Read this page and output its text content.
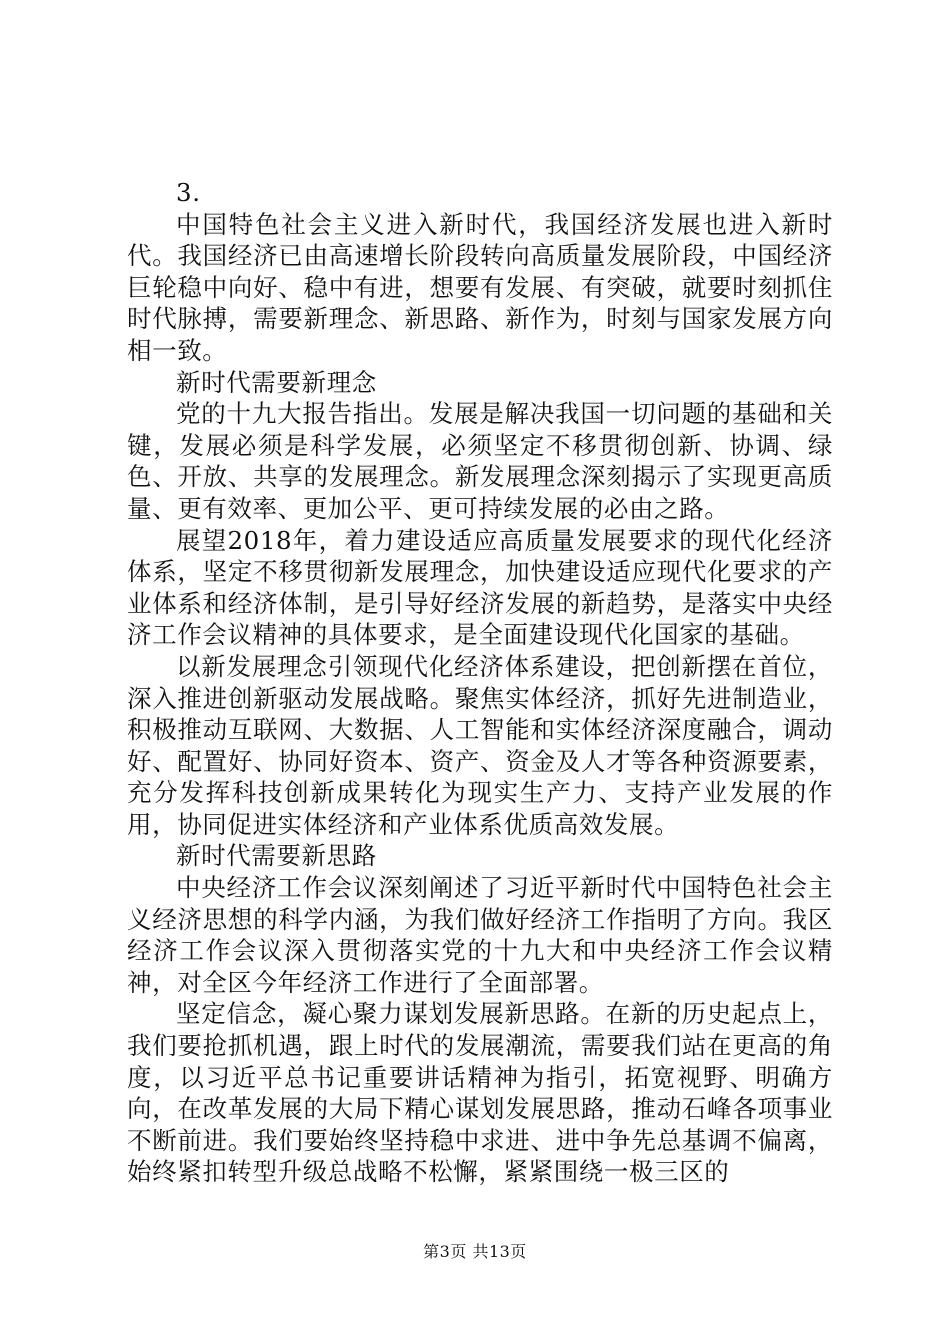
3.

中国特色社会主义进入新时代，我国经济发展也进入新时代。我国经济已由高速增长阶段转向高质量发展阶段，中国经济巨轮稳中向好、稳中有进，想要有发展、有突破，就要时刻抓住时代脉搏，需要新理念、新思路、新作为，时刻与国家发展方向相一致。

新时代需要新理念

党的十九大报告指出。发展是解决我国一切问题的基础和关键，发展必须是科学发展，必须坚定不移贯彻创新、协调、绿色、开放、共享的发展理念。新发展理念深刻揭示了实现更高质量、更有效率、更加公平、更可持续发展的必由之路。

展望2018年，着力建设适应高质量发展要求的现代化经济体系，坚定不移贯彻新发展理念，加快建设适应现代化要求的产业体系和经济体制，是引导好经济发展的新趋势，是落实中央经济工作会议精神的具体要求，是全面建设现代化国家的基础。

以新发展理念引领现代化经济体系建设，把创新摆在首位，深入推进创新驱动发展战略。聚焦实体经济，抓好先进制造业，积极推动互联网、大数据、人工智能和实体经济深度融合，调动好、配置好、协同好资本、资产、资金及人才等各种资源要素，充分发挥科技创新成果转化为现实生产力、支持产业发展的作用，协同促进实体经济和产业体系优质高效发展。

新时代需要新思路

中央经济工作会议深刻阐述了习近平新时代中国特色社会主义经济思想的科学内涵，为我们做好经济工作指明了方向。我区经济工作会议深入贯彻落实党的十九大和中央经济工作会议精神，对全区今年经济工作进行了全面部署。

坚定信念，凝心聚力谋划发展新思路。在新的历史起点上，我们要抢抓机遇，跟上时代的发展潮流，需要我们站在更高的角度，以习近平总书记重要讲话精神为指引，拓宽视野、明确方向，在改革发展的大局下精心谋划发展思路，推动石峰各项事业不断前进。我们要始终坚持稳中求进、进中争先总基调不偏离，始终紧扣转型升级总战略不松懈，紧紧围绕一极三区的

第3页 共13页
